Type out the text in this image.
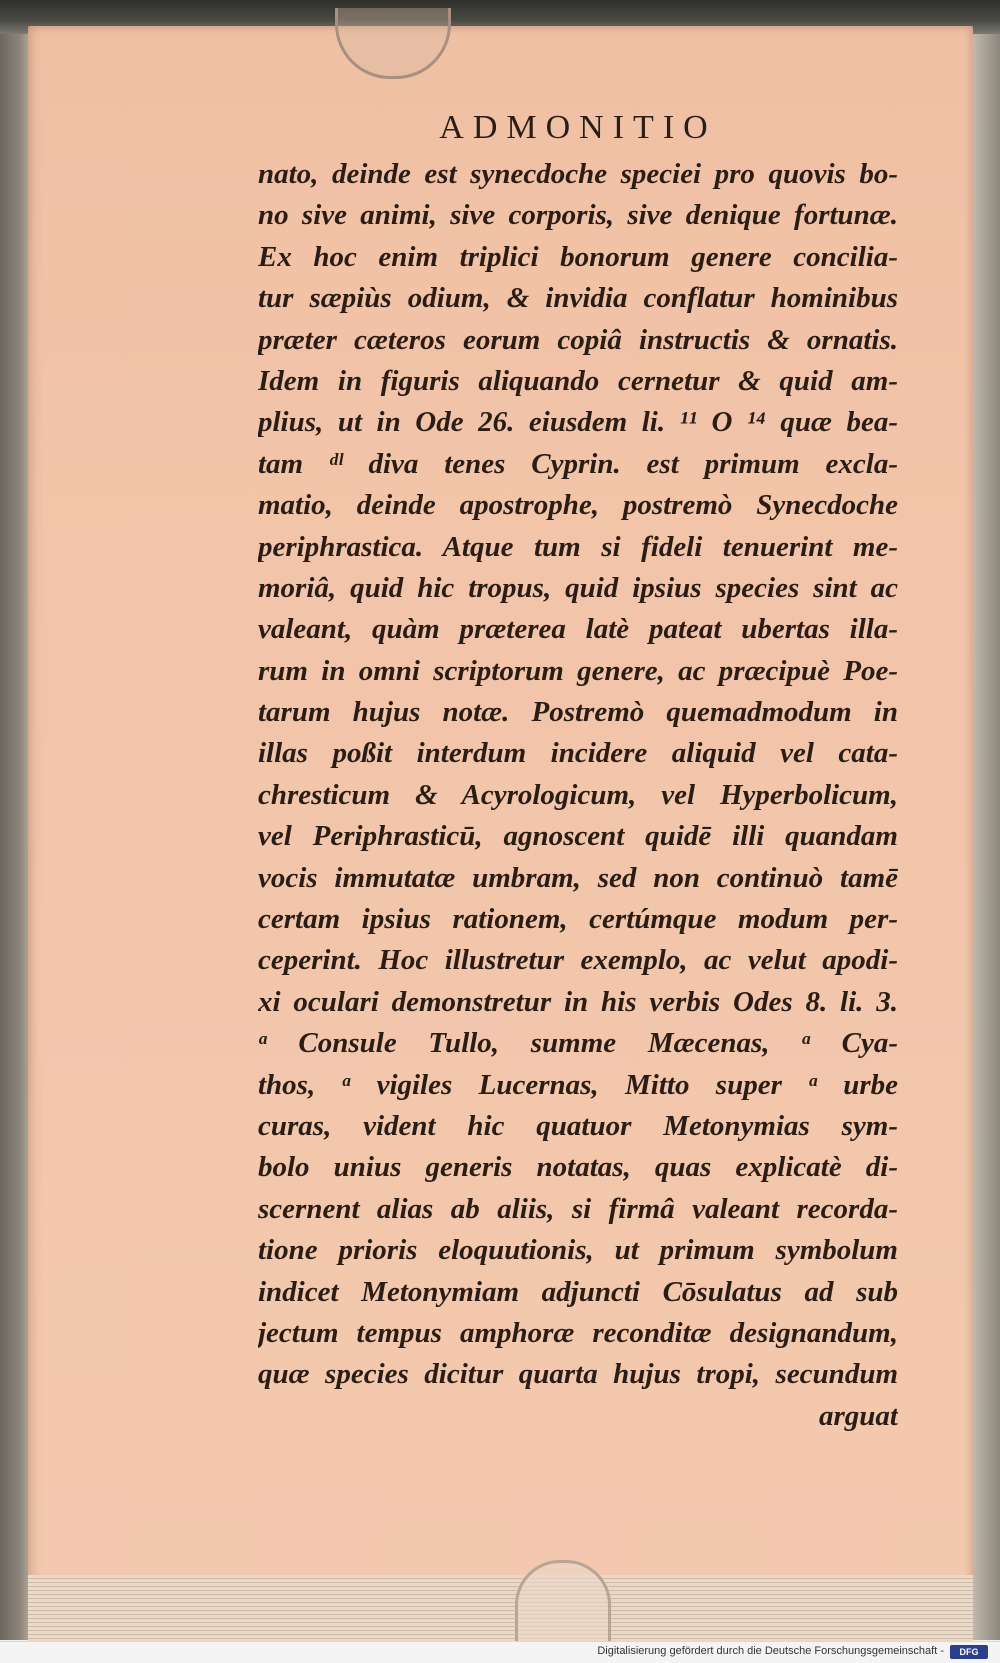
ADMONITIO
nato, deinde est synecdoche speciei pro quovis bo-
no sive animi, sive corporis, sive denique fortunæ.
Ex hoc enim triplici bonorum genere concilia-
tur sæpiùs odium, & invidia conflatur hominibus
præter cæteros eorum copiâ instructis & ornatis.
Idem in figuris aliquando cernetur & quid am-
plius, ut in Ode 26. eiusdem li. ¹¹ O ¹⁴ quæ bea-
tam ᵈˡ diva tenes Cyprin. est primum excla-
matio, deinde apostrophe, postremò Synecdoche
periphrastica. Atque tum si fideli tenuerint me-
moriâ, quid hic tropus, quid ipsius species sint ac
valeant, quàm præterea latè pateat ubertas illa-
rum in omni scriptorum genere, ac præcipuè Poe-
tarum hujus notæ. Postremò quemadmodum in
illas poßit interdum incidere aliquid vel cata-
chresticum & Acyrologicum, vel Hyperbolicum,
vel Periphrasticū, agnoscent quidē illi quandam
vocis immutatæ umbram, sed non continuò tamē
certam ipsius rationem, certúmque modum per-
ceperint. Hoc illustretur exemplo, ac velut apodi-
xi oculari demonstretur in his verbis Odes 8. li. 3.
ᵃ Consule Tullo, summe Mæcenas, ᵃ Cya-
thos, ᵃ vigiles Lucernas, Mitto super ᵃ urbe
curas, vident hic quatuor Metonymias sym-
bolo unius generis notatas, quas explicatè di-
scernent alias ab aliis, si firmâ valeant recorda-
tione prioris eloquutionis, ut primum symbolum
indicet Metonymiam adjuncti Cōsulatus ad sub
jectum tempus amphoræ reconditæ designandum,
quæ species dicitur quarta hujus tropi, secundum
arguat
Digitalisierung gefördert durch die Deutsche Forschungsgemeinschaft -	DFG
